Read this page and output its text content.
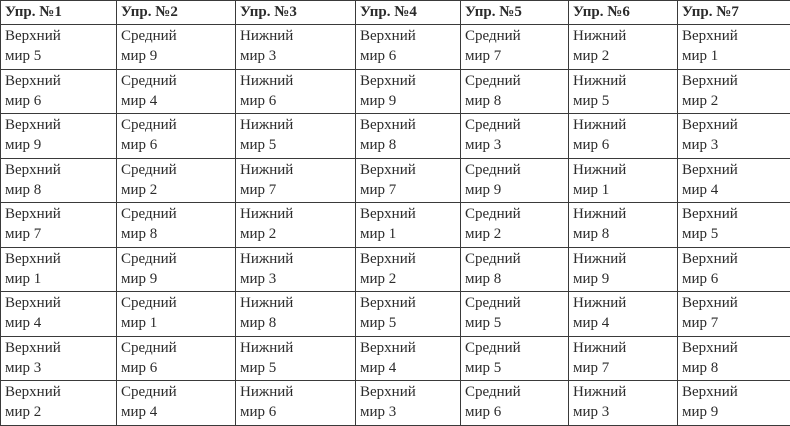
Упр. №1	Упр. №2	Упр. №3	Упр. №4	Упр. №5	Упр. №6	Упр. №7

Верхний
мир 5	Средний
мир 9	Нижний
мир 3	Верхний
мир 6	Средний
мир 7	Нижний
мир 2	Верхний
мир 1

Верхний
мир 6	Средний
мир 4	Нижний
мир 6	Верхний
мир 9	Средний
мир 8	Нижний
мир 5	Верхний
мир 2

Верхний
мир 9	Средний
мир 6	Нижний
мир 5	Верхний
мир 8	Средний
мир 3	Нижний
мир 6	Верхний
мир 3

Верхний
мир 8	Средний
мир 2	Нижний
мир 7	Верхний
мир 7	Средний
мир 9	Нижний
мир 1	Верхний
мир 4

Верхний
мир 7	Средний
мир 8	Нижний
мир 2	Верхний
мир 1	Средний
мир 2	Нижний
мир 8	Верхний
мир 5

Верхний
мир 1	Средний
мир 9	Нижний
мир 3	Верхний
мир 2	Средний
мир 8	Нижний
мир 9	Верхний
мир 6

Верхний
мир 4	Средний
мир 1	Нижний
мир 8	Верхний
мир 5	Средний
мир 5	Нижний
мир 4	Верхний
мир 7

Верхний
мир 3	Средний
мир 6	Нижний
мир 5	Верхний
мир 4	Средний
мир 5	Нижний
мир 7	Верхний
мир 8

Верхний
мир 2	Средний
мир 4	Нижний
мир 6	Верхний
мир 3	Средний
мир 6	Нижний
мир 3	Верхний
мир 9
